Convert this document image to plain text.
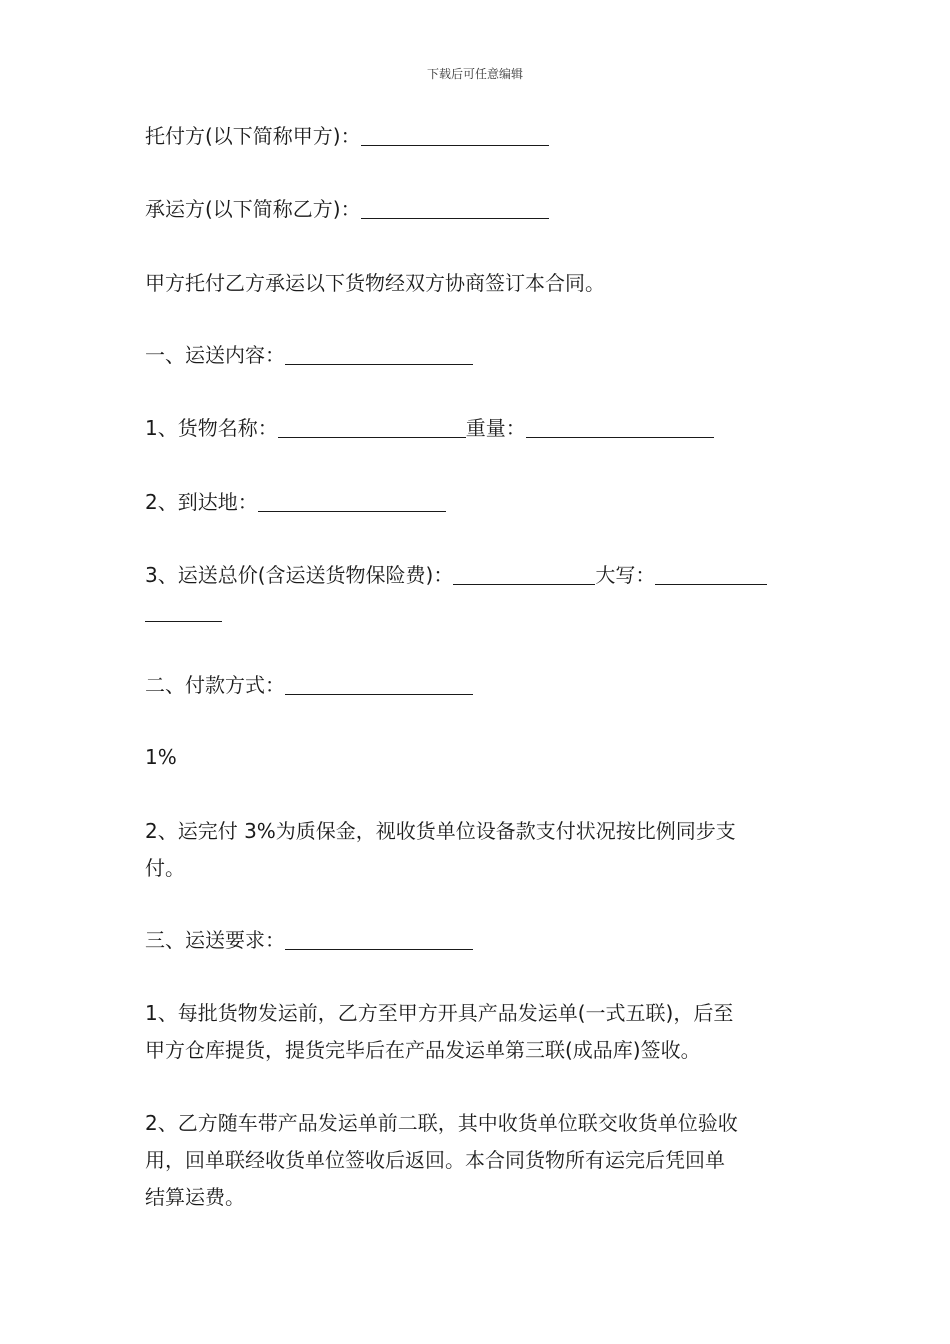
下载后可任意编辑
托付方(以下简称甲方)：
承运方(以下简称乙方)：
甲方托付乙方承运以下货物经双方协商签订本合同。
一、运送内容：
1、货物名称：	重量：
2、到达地：
3、运送总价(含运送货物保险费)：	大写：
二、付款方式：
1%
2、运完付 3%为质保金，视收货单位设备款支付状况按比例同步支
付。
三、运送要求：
1、每批货物发运前，乙方至甲方开具产品发运单(一式五联)，后至
甲方仓库提货，提货完毕后在产品发运单第三联(成品库)签收。
2、乙方随车带产品发运单前二联，其中收货单位联交收货单位验收
用，回单联经收货单位签收后返回。本合同货物所有运完后凭回单
结算运费。
